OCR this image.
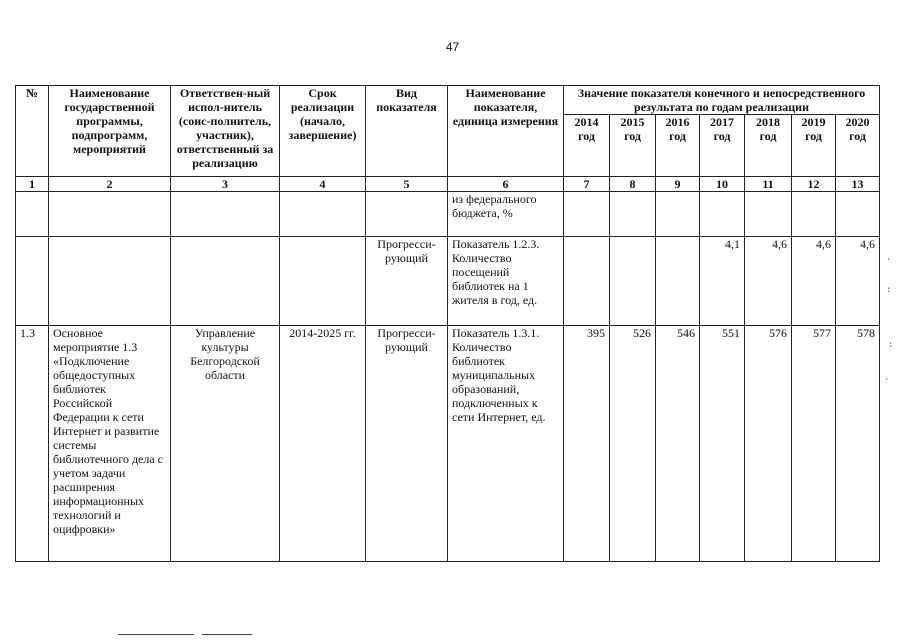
47
№	Наименование государственной программы, подпрограмм, мероприятий	Ответствен-ный испол-нитель (соис-полнитель, участник), ответственный за реализацию	Срок реализации (начало, завершение)	Вид показателя	Наименование показателя, единица измерения	Значение показателя конечного и непосредственного результата по годам реализации						
						2014 год	2015 год	2016 год	2017 год	2018 год	2019 год	2020 год
1	2	3	4	5	6	7	8	9	10	11	12	13
					из федерального бюджета, %							
				Прогресси-рующий	Показатель 1.2.3. Количество посещений библиотек на 1 жителя в год, ед.				4,1	4,6	4,6	4,6
1.3	Основное мероприятие 1.3 «Подключение общедоступных библиотек Российской Федерации к сети Интернет и развитие системы библиотечного дела с учетом задачи расширения информационных технологий и оцифровки»	Управление культуры Белгородской области	2014-2025 гг.	Прогресси-рующий	Показатель 1.3.1. Количество библиотек муниципальных образований, подключенных к сети Интернет, ед.	395	526	546	551	576	577	578
·
:
:
·
